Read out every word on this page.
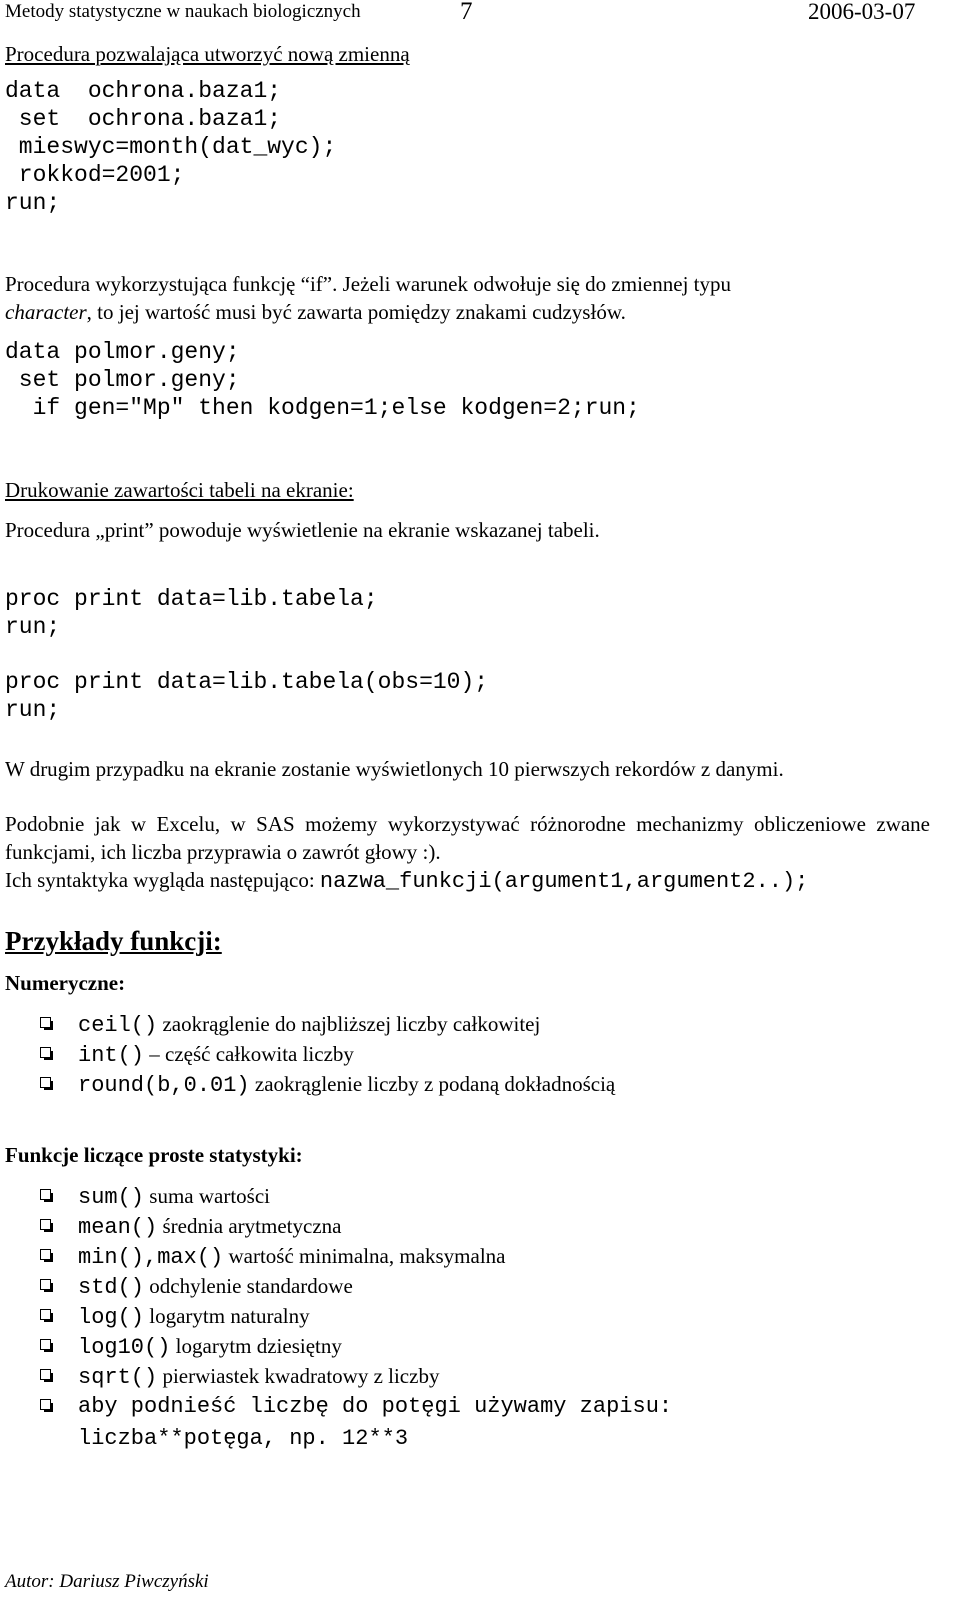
Metody statystyczne w naukach biologicznych	7	2006-03-07
Procedura pozwalająca utworzyć nową zmienną
data  ochrona.baza1;
set  ochrona.baza1;
mieswyc=month(dat_wyc);
rokkod=2001;
run;
Procedura wykorzystująca funkcję “if”. Jeżeli warunek odwołuje się do zmiennej typu
character, to jej wartość musi być zawarta pomiędzy znakami cudzysłów.
data polmor.geny;
set polmor.geny;
if gen="Mp" then kodgen=1;else kodgen=2;run;
Drukowanie zawartości tabeli na ekranie:
Procedura „print” powoduje wyświetlenie na ekranie wskazanej tabeli.
proc print data=lib.tabela;
run;
proc print data=lib.tabela(obs=10);
run;
W drugim przypadku na ekranie zostanie wyświetlonych 10 pierwszych rekordów z danymi.
Podobnie jak w Excelu, w SAS możemy wykorzystywać różnorodne mechanizmy obliczeniowe zwane funkcjami, ich liczba przyprawia o zawrót głowy :).
Ich syntaktyka wygląda następująco: nazwa_funkcji(argument1,argument2..);
Przykłady funkcji:
Numeryczne:
ceil() zaokrąglenie do najbliższej liczby całkowitej
int() – część całkowita liczby
round(b,0.01) zaokrąglenie liczby z podaną dokładnością
Funkcje liczące proste statystyki:
sum() suma wartości
mean() średnia arytmetyczna
min(),max() wartość minimalna, maksymalna
std() odchylenie standardowe
log() logarytm naturalny
log10() logarytm dziesiętny
sqrt() pierwiastek kwadratowy z liczby
aby podnieść liczbę do potęgi używamy zapisu:
liczba**potęga, np. 12**3
Autor: Dariusz Piwczyński
